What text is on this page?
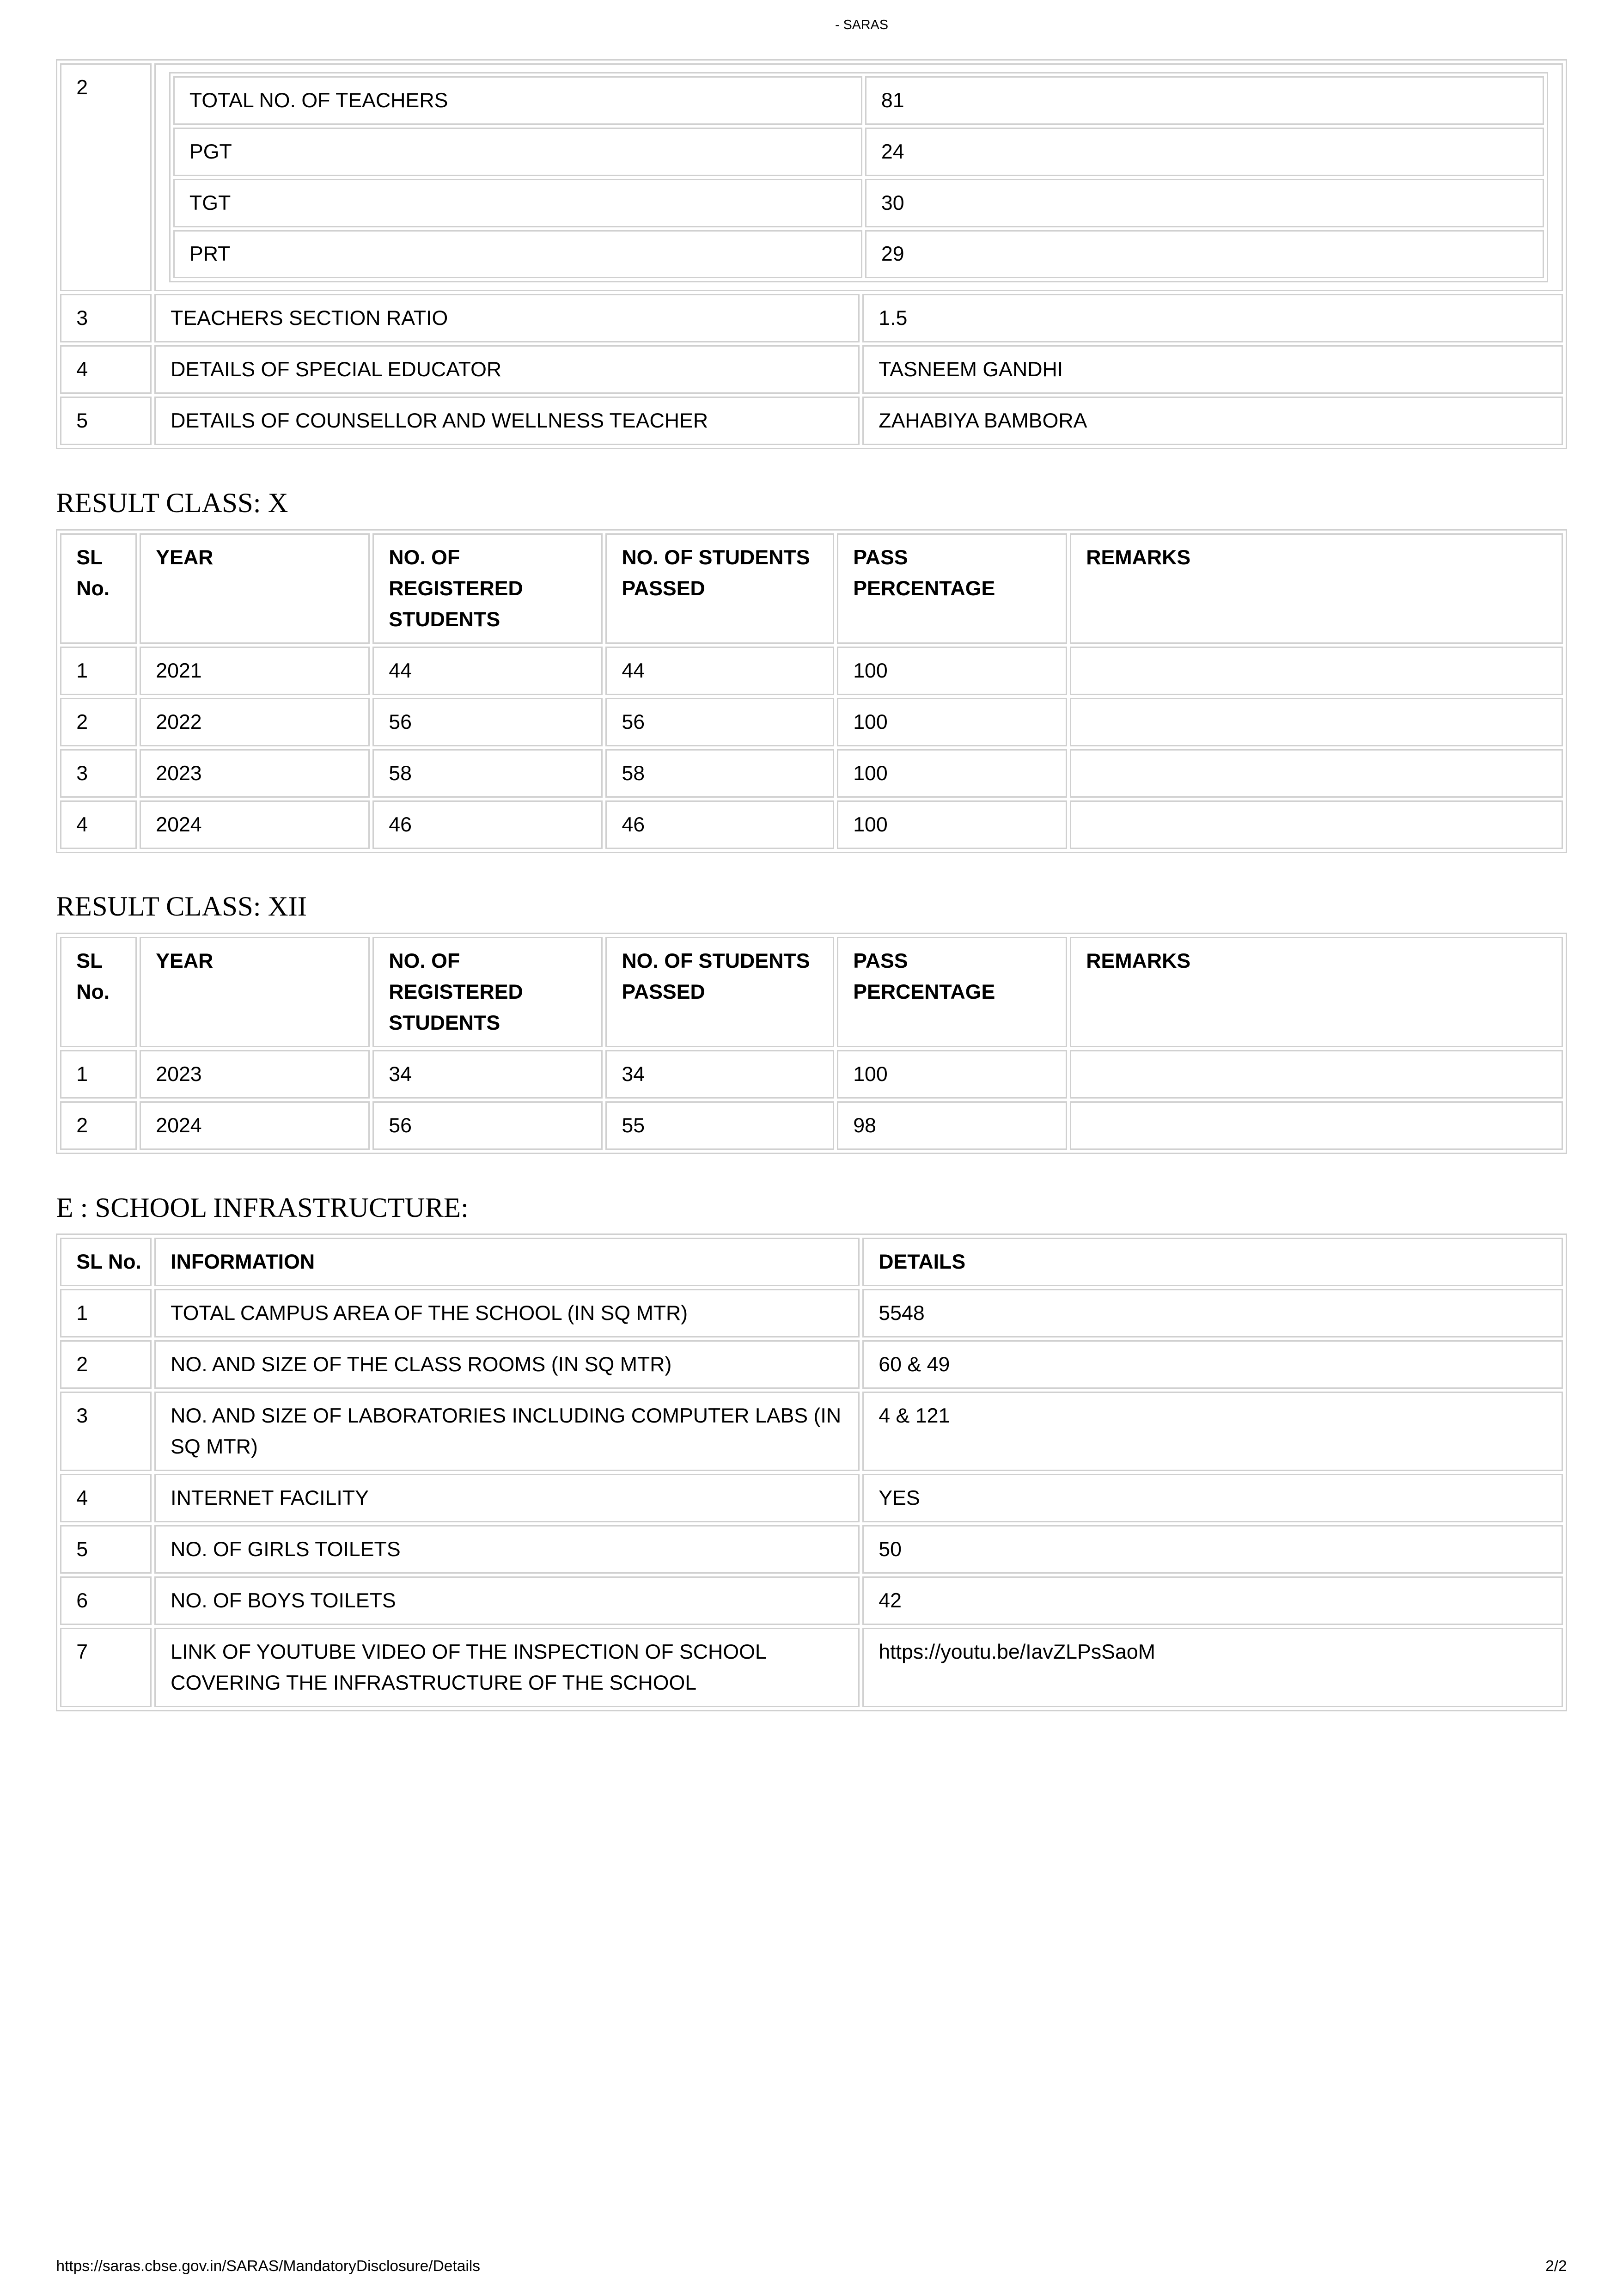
- SARAS
2	
TOTAL NO. OF TEACHERS	81
PGT	24
TGT	30
PRT	29

3	TEACHERS SECTION RATIO	1.5
4	DETAILS OF SPECIAL EDUCATOR	TASNEEM GANDHI
5	DETAILS OF COUNSELLOR AND WELLNESS TEACHER	ZAHABIYA BAMBORA
RESULT CLASS: X
SL No.	YEAR	NO. OF REGISTERED STUDENTS	NO. OF STUDENTS PASSED	PASS PERCENTAGE	REMARKS
1	2021	44	44	100	
2	2022	56	56	100	
3	2023	58	58	100	
4	2024	46	46	100	
RESULT CLASS: XII
SL No.	YEAR	NO. OF REGISTERED STUDENTS	NO. OF STUDENTS PASSED	PASS PERCENTAGE	REMARKS
1	2023	34	34	100	
2	2024	56	55	98	
E : SCHOOL INFRASTRUCTURE:
SL No.	INFORMATION	DETAILS
1	TOTAL CAMPUS AREA OF THE SCHOOL (IN SQ MTR)	5548
2	NO. AND SIZE OF THE CLASS ROOMS (IN SQ MTR)	60 & 49
3	NO. AND SIZE OF LABORATORIES INCLUDING COMPUTER LABS (IN SQ MTR)	4 & 121
4	INTERNET FACILITY	YES
5	NO. OF GIRLS TOILETS	50
6	NO. OF BOYS TOILETS	42
7	LINK OF YOUTUBE VIDEO OF THE INSPECTION OF SCHOOL COVERING THE INFRASTRUCTURE OF THE SCHOOL	https://youtu.be/IavZLPsSaoM
https://saras.cbse.gov.in/SARAS/MandatoryDisclosure/Details	2/2
